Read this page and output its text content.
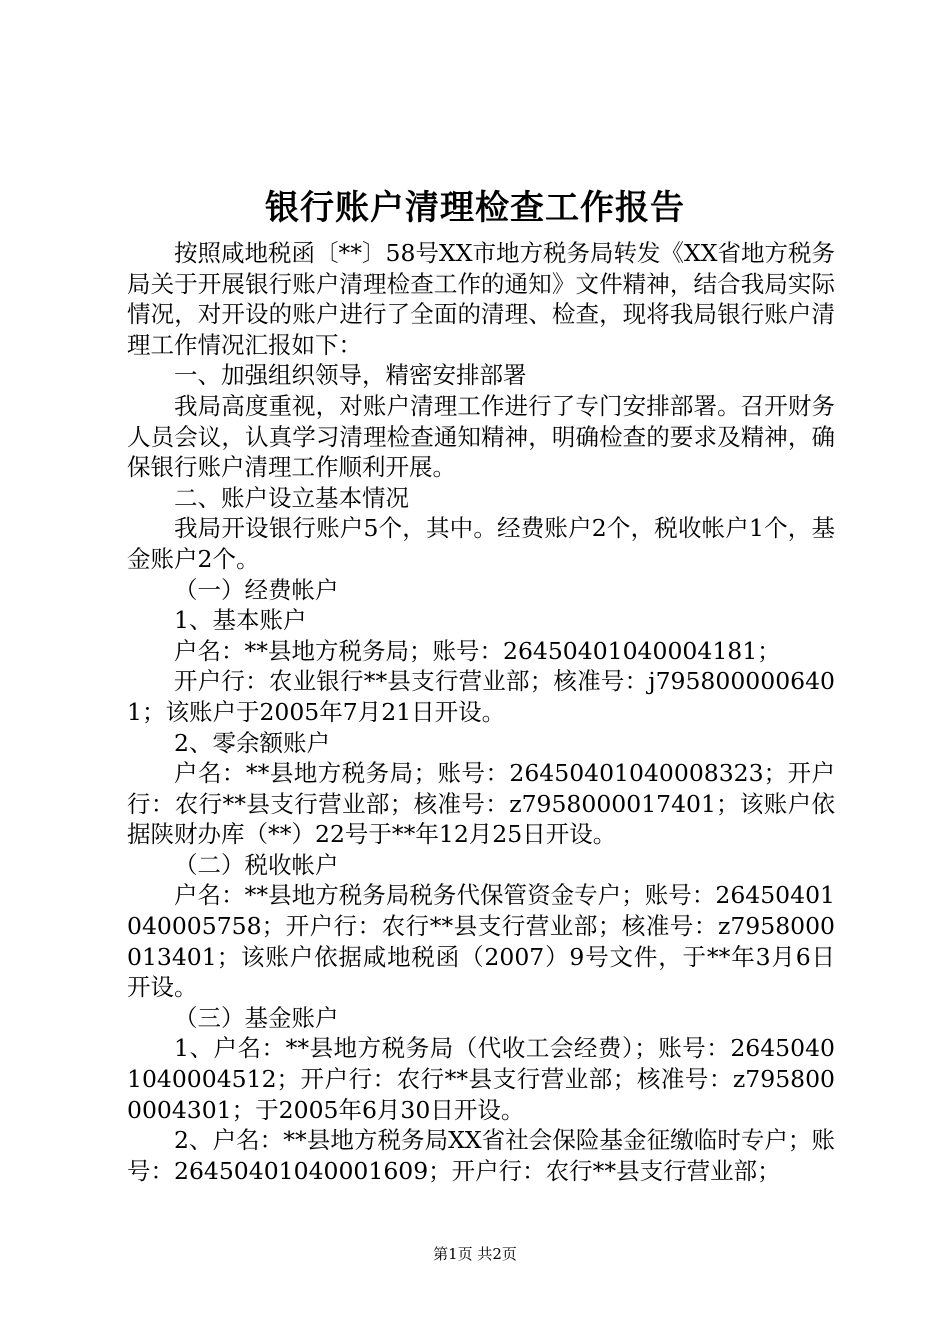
银行账户清理检查工作报告

按照咸地税函〔**〕58号XX市地方税务局转发《XX省地方税务局关于开展银行账户清理检查工作的通知》文件精神，结合我局实际情况，对开设的账户进行了全面的清理、检查，现将我局银行账户清理工作情况汇报如下：

一、加强组织领导，精密安排部署

我局高度重视，对账户清理工作进行了专门安排部署。召开财务人员会议，认真学习清理检查通知精神，明确检查的要求及精神，确保银行账户清理工作顺利开展。

二、账户设立基本情况

我局开设银行账户5个，其中。经费账户2个，税收帐户1个，基金账户2个。

（一）经费帐户

1、基本账户

户名：**县地方税务局；账号：26450401040004181；

开户行：农业银行**县支行营业部；核准号：j7958000006401；该账户于2005年7月21日开设。

2、零余额账户

户名：**县地方税务局；账号：26450401040008323；开户行：农行**县支行营业部；核准号：z7958000017401；该账户依据陕财办库（**）22号于**年12月25日开设。

（二）税收帐户

户名：**县地方税务局税务代保管资金专户；账号：26450401040005758；开户行：农行**县支行营业部；核准号：z7958000013401；该账户依据咸地税函（2007）9号文件，于**年3月6日开设。

（三）基金账户

1、户名：**县地方税务局（代收工会经费）；账号：26450401040004512；开户行：农行**县支行营业部；核准号：z7958000004301；于2005年6月30日开设。

2、户名：**县地方税务局XX省社会保险基金征缴临时专户；账号：26450401040001609；开户行：农行**县支行营业部；

第1页 共2页
